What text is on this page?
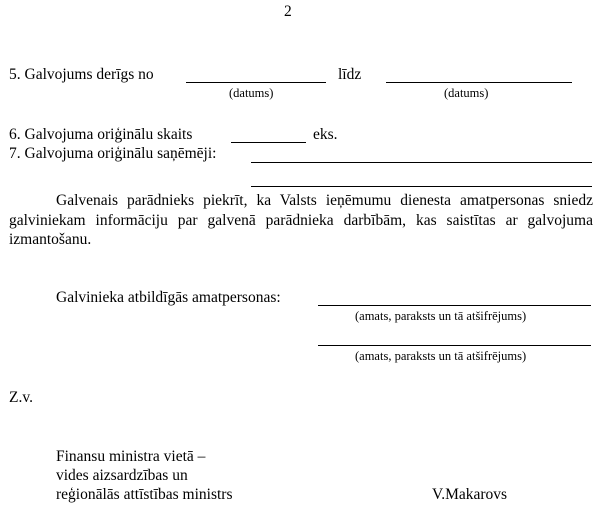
2
5. Galvojums derīgs no	līdz
(datums)	(datums)
6. Galvojuma oriģinālu skaits	eks.
7. Galvojuma oriģinālu saņēmēji:
Galvenais parādnieks piekrīt, ka Valsts ieņēmumu dienesta amatpersonas sniedz galviniekam informāciju par galvenā parādnieka darbībām, kas saistītas ar galvojuma izmantošanu.
Galvinieka atbildīgās amatpersonas:
(amats, paraksts un tā atšifrējums)
(amats, paraksts un tā atšifrējums)
Z.v.
Finansu ministra vietā –
vides aizsardzības un
reģionālās attīstības ministrs	V.Makarovs
